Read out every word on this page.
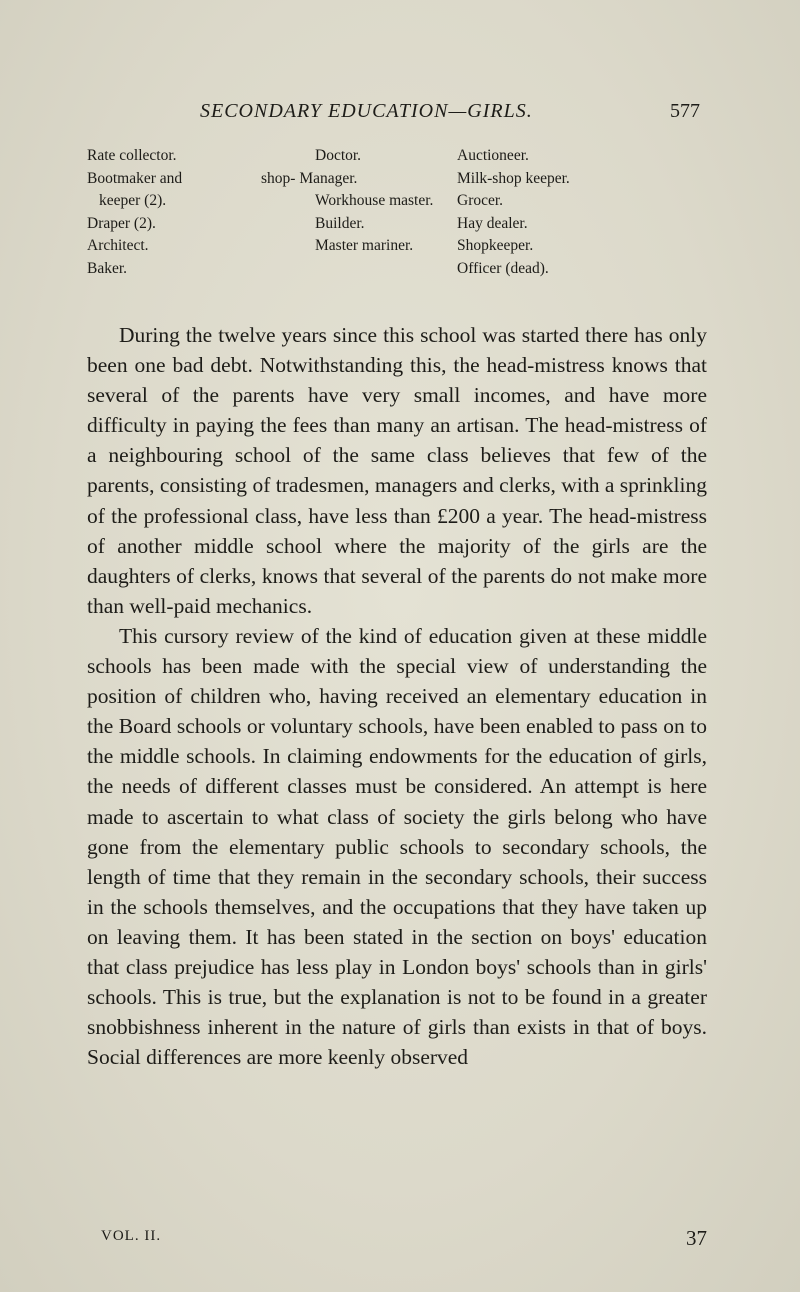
SECONDARY EDUCATION—GIRLS.	577
Rate collector.
Bootmaker and
keeper (2).
Draper (2).
Architect.
Baker.
Doctor.
shop- Manager.
Workhouse master.
Builder.
Master mariner.
Auctioneer.
Milk-shop keeper.
Grocer.
Hay dealer.
Shopkeeper.
Officer (dead).

During the twelve years since this school was started there has only been one bad debt. Notwithstanding this, the head-mistress knows that several of the parents have very small incomes, and have more difficulty in paying the fees than many an artisan. The head-mistress of a neighbouring school of the same class believes that few of the parents, consisting of tradesmen, managers and clerks, with a sprinkling of the professional class, have less than £200 a year. The head-mistress of another middle school where the majority of the girls are the daughters of clerks, knows that several of the parents do not make more than well-paid mechanics.

This cursory review of the kind of education given at these middle schools has been made with the special view of understanding the position of children who, having received an elementary education in the Board schools or voluntary schools, have been enabled to pass on to the middle schools. In claiming endowments for the education of girls, the needs of different classes must be considered. An attempt is here made to ascertain to what class of society the girls belong who have gone from the elementary public schools to secondary schools, the length of time that they remain in the secondary schools, their success in the schools themselves, and the occupations that they have taken up on leaving them. It has been stated in the section on boys' education that class prejudice has less play in London boys' schools than in girls' schools. This is true, but the explanation is not to be found in a greater snobbishness inherent in the nature of girls than exists in that of boys. Social differences are more keenly observed

VOL. II.	37
